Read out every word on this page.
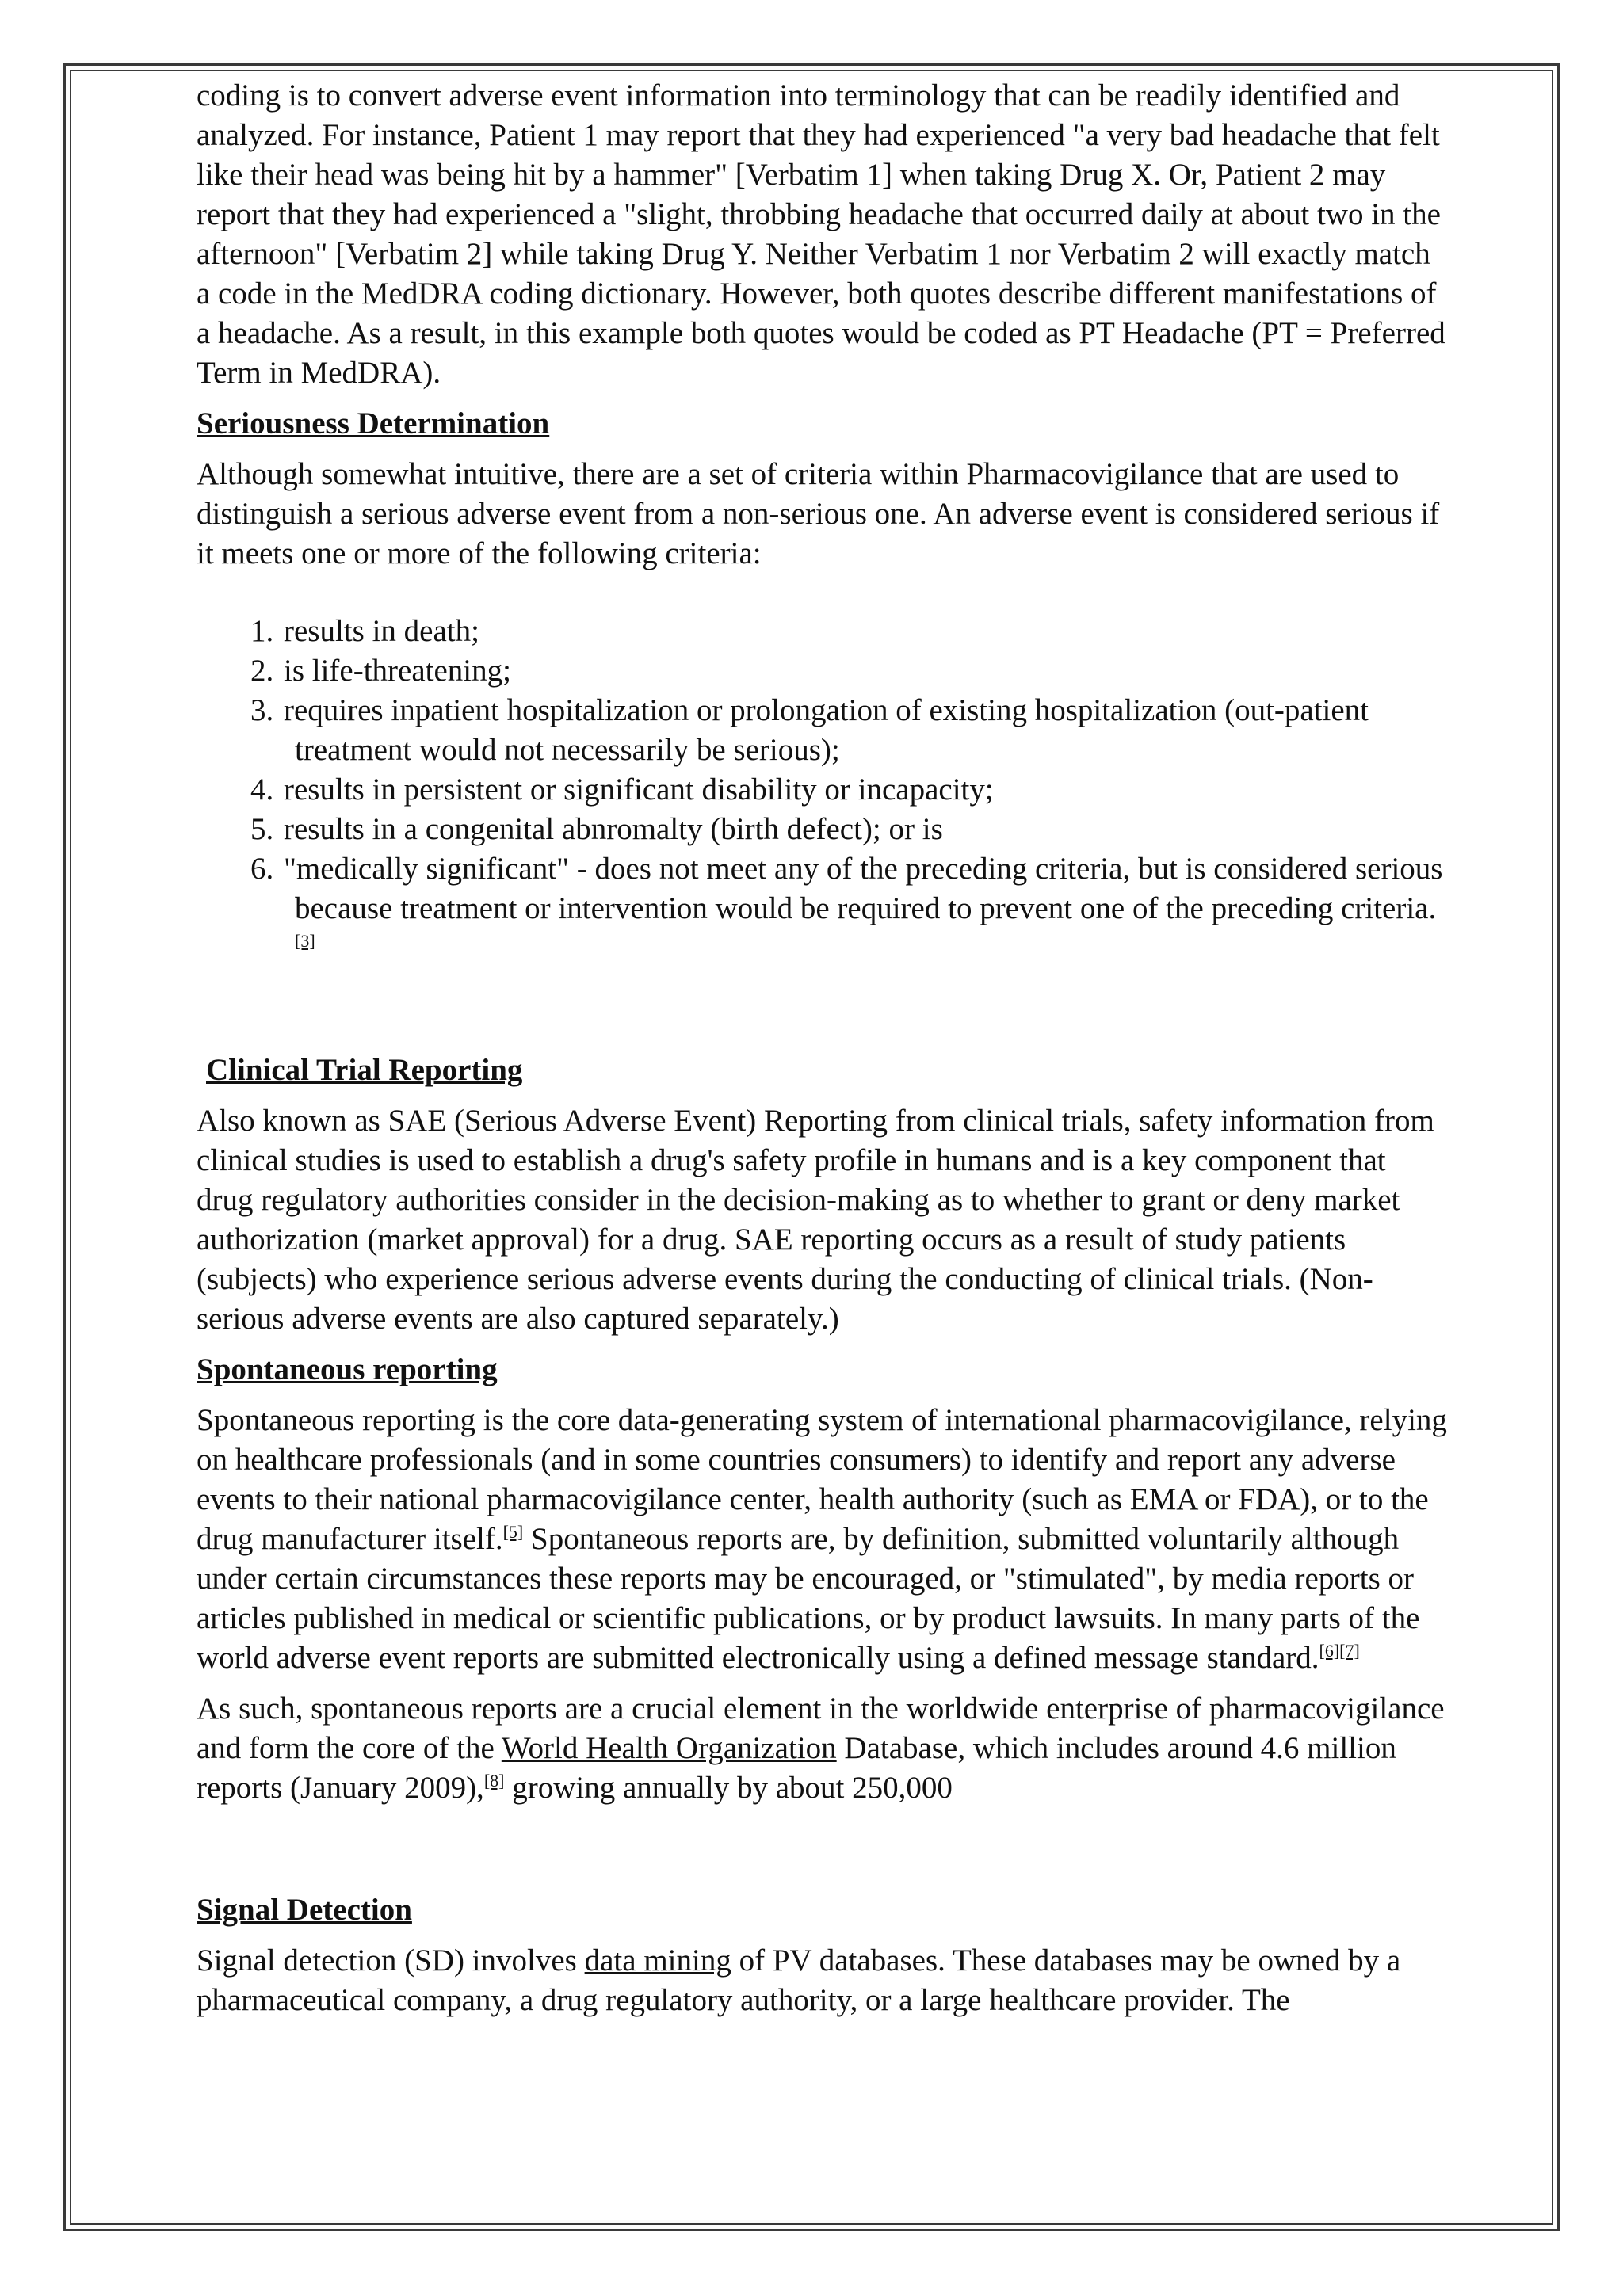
coding is to convert adverse event information into terminology that can be readily identified and analyzed. For instance, Patient 1 may report that they had experienced "a very bad headache that felt like their head was being hit by a hammer" [Verbatim 1] when taking Drug X. Or, Patient 2 may report that they had experienced a "slight, throbbing headache that occurred daily at about two in the afternoon" [Verbatim 2] while taking Drug Y. Neither Verbatim 1 nor Verbatim 2 will exactly match a code in the MedDRA coding dictionary. However, both quotes describe different manifestations of a headache. As a result, in this example both quotes would be coded as PT Headache (PT = Preferred Term in MedDRA).

Seriousness Determination

Although somewhat intuitive, there are a set of criteria within Pharmacovigilance that are used to distinguish a serious adverse event from a non-serious one. An adverse event is considered serious if it meets one or more of the following criteria:

1. results in death;
2. is life-threatening;
3. requires inpatient hospitalization or prolongation of existing hospitalization (out-patient treatment would not necessarily be serious);
4. results in persistent or significant disability or incapacity;
5. results in a congenital abnromalty (birth defect); or is
6. "medically significant" - does not meet any of the preceding criteria, but is considered serious because treatment or intervention would be required to prevent one of the preceding criteria.[3]

Clinical Trial Reporting

Also known as SAE (Serious Adverse Event) Reporting from clinical trials, safety information from clinical studies is used to establish a drug's safety profile in humans and is a key component that drug regulatory authorities consider in the decision-making as to whether to grant or deny market authorization (market approval) for a drug. SAE reporting occurs as a result of study patients (subjects) who experience serious adverse events during the conducting of clinical trials. (Non-serious adverse events are also captured separately.)

Spontaneous reporting

Spontaneous reporting is the core data-generating system of international pharmacovigilance, relying on healthcare professionals (and in some countries consumers) to identify and report any adverse events to their national pharmacovigilance center, health authority (such as EMA or FDA), or to the drug manufacturer itself.[5] Spontaneous reports are, by definition, submitted voluntarily although under certain circumstances these reports may be encouraged, or "stimulated", by media reports or articles published in medical or scientific publications, or by product lawsuits. In many parts of the world adverse event reports are submitted electronically using a defined message standard.[6][7]

As such, spontaneous reports are a crucial element in the worldwide enterprise of pharmacovigilance and form the core of the World Health Organization Database, which includes around 4.6 million reports (January 2009),[8] growing annually by about 250,000

Signal Detection

Signal detection (SD) involves data mining of PV databases. These databases may be owned by a pharmaceutical company, a drug regulatory authority, or a large healthcare provider. The
